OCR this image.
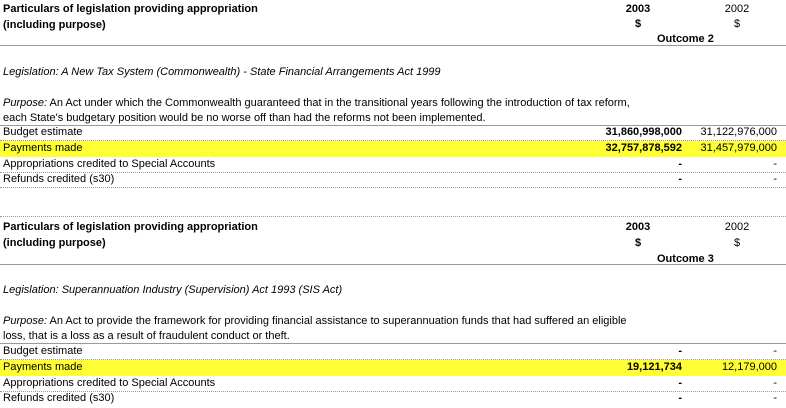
Particulars of legislation providing appropriation
(including purpose)
2003	2002
$	$
Outcome 2
Legislation: A New Tax System (Commonwealth) - State Financial Arrangements Act 1999
Purpose: An Act under which the Commonwealth guaranteed that in the transitional years following the introduction of tax reform,
each State's budgetary position would be no worse off than had the reforms not been implemented.
Budget estimate	31,860,998,000	31,122,976,000
Payments made	32,757,878,592	31,457,979,000
Appropriations credited to Special Accounts	-	-
Refunds credited (s30)	-	-
Particulars of legislation providing appropriation
(including purpose)
2003	2002
$	$
Outcome 3
Legislation: Superannuation Industry (Supervision) Act 1993 (SIS Act)
Purpose: An Act to provide the framework for providing financial assistance to superannuation funds that had suffered an eligible
loss, that is a loss as a result of fraudulent conduct or theft.
Budget estimate	-	-
Payments made	19,121,734	12,179,000
Appropriations credited to Special Accounts	-	-
Refunds credited (s30)	-	-
